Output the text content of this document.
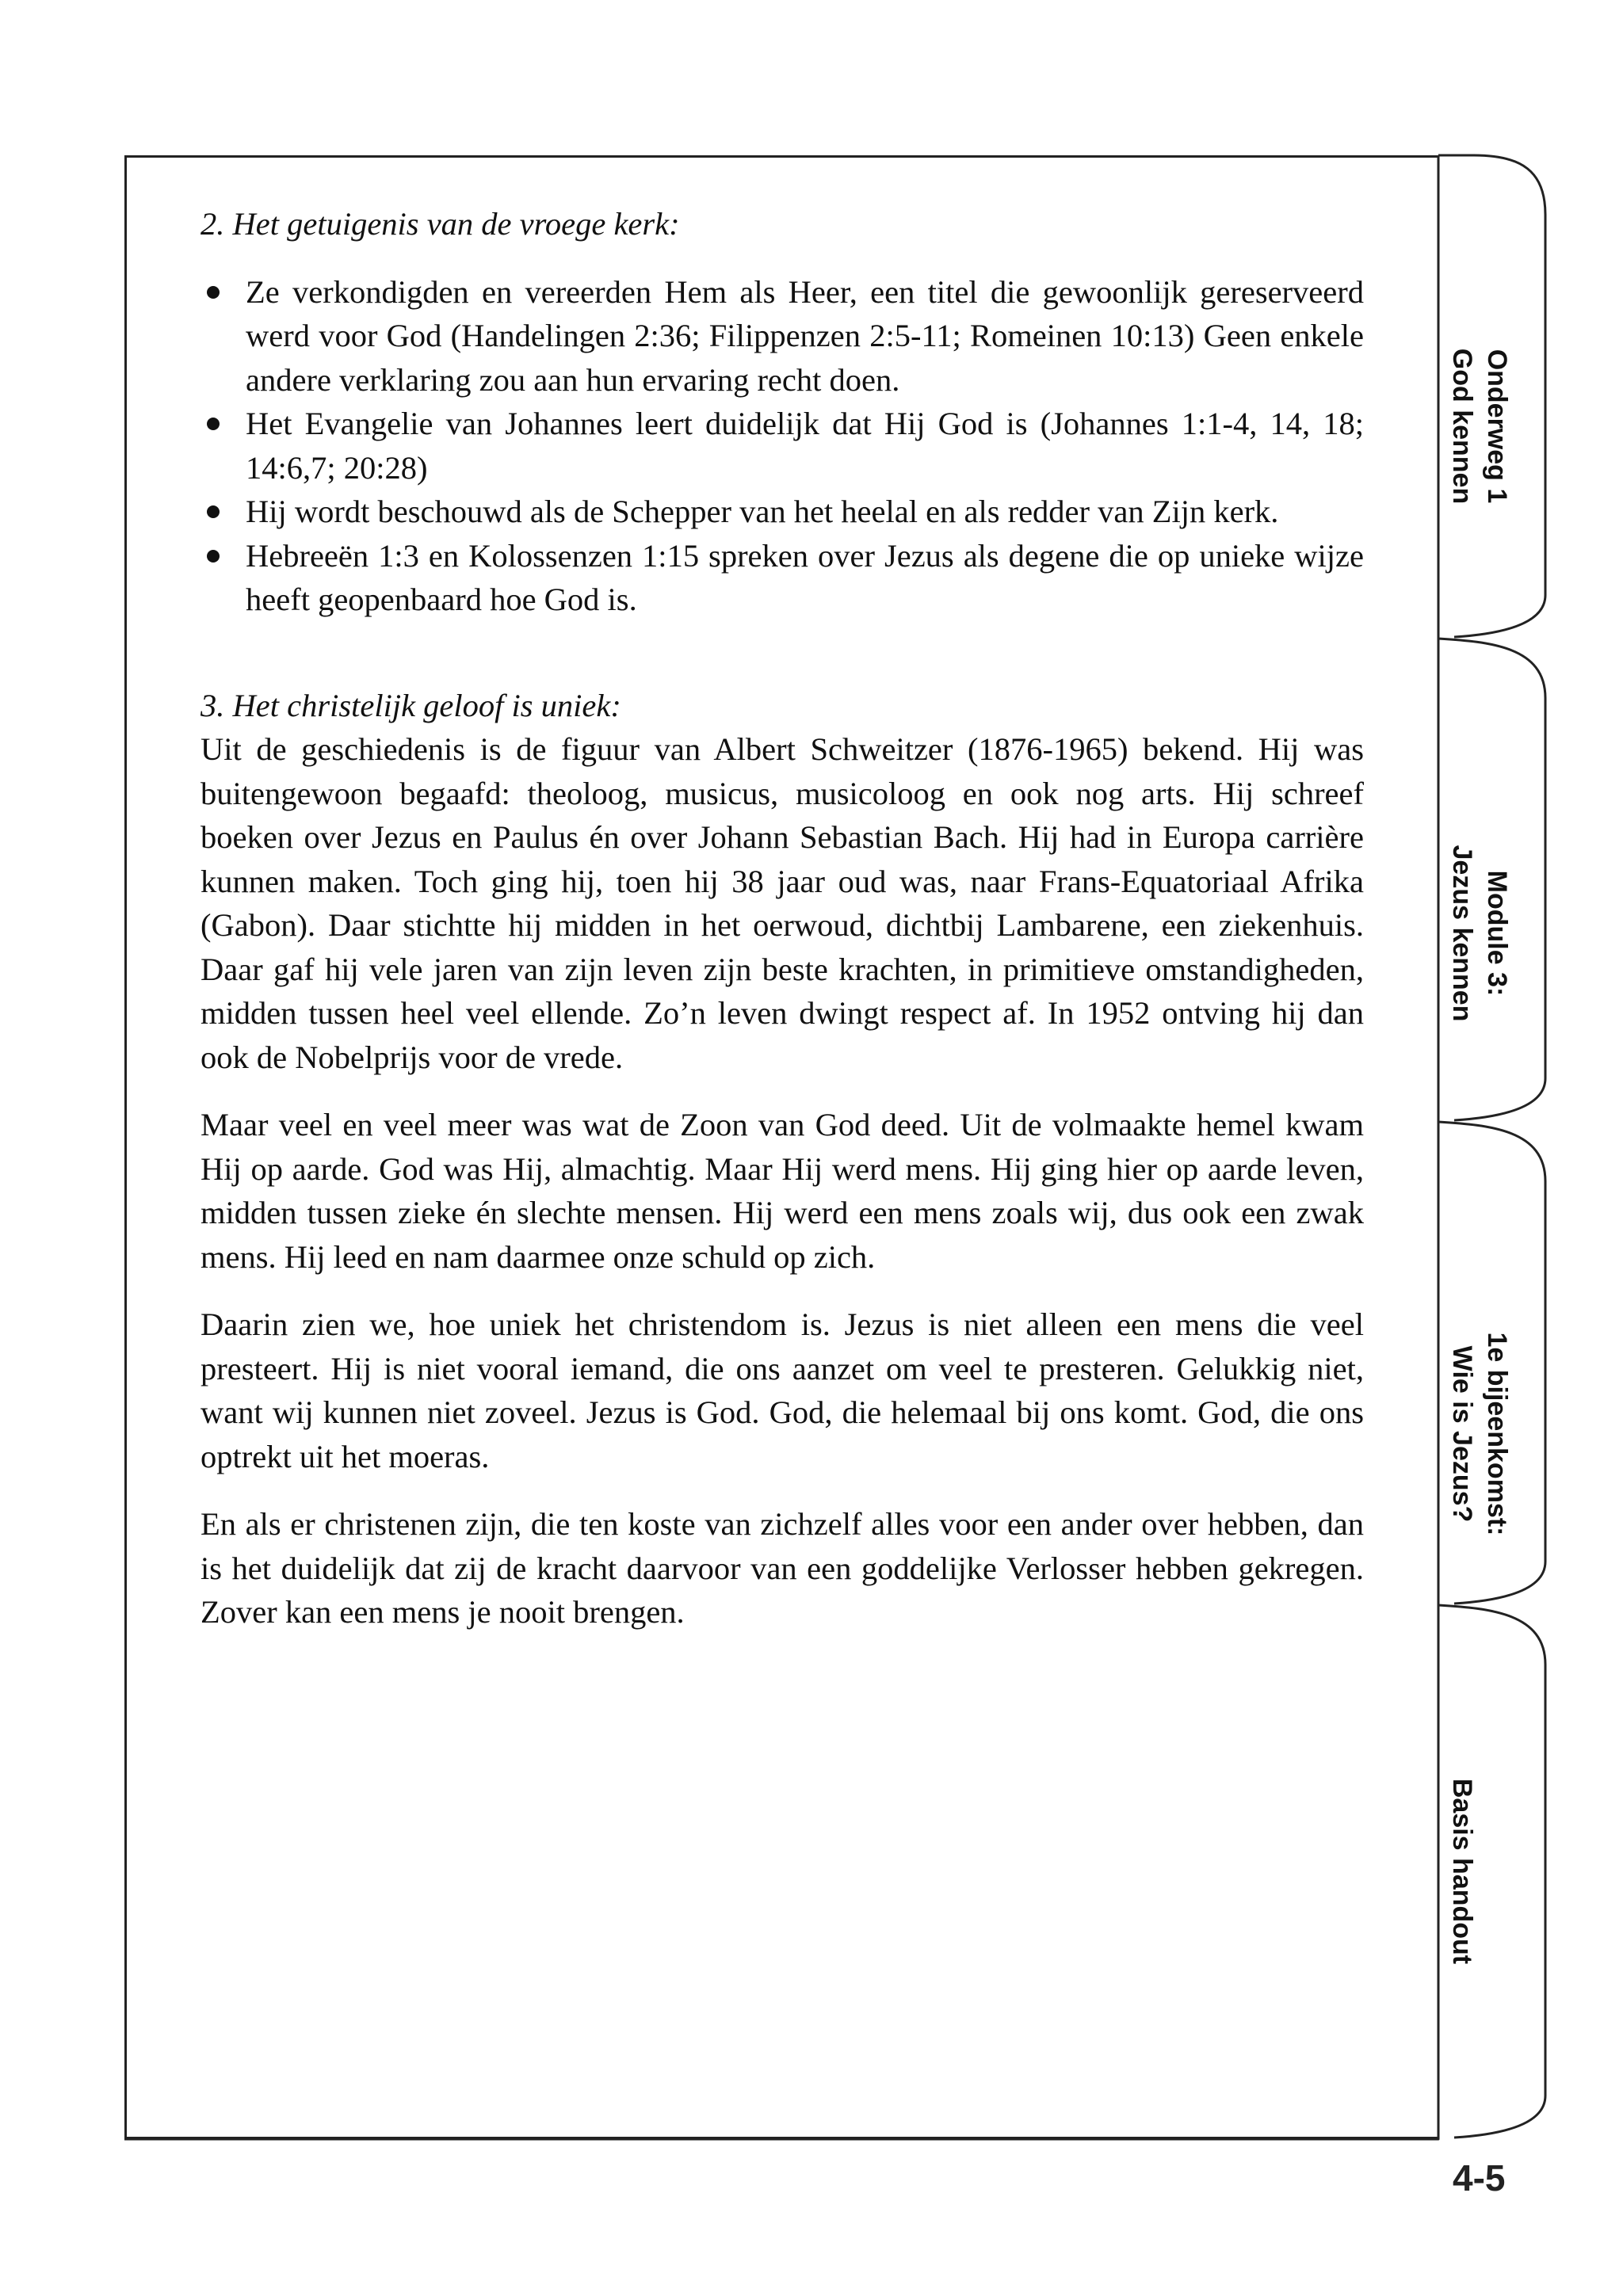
2. Het getuigenis van de vroege kerk:

Ze verkondigden en vereerden Hem als Heer, een titel die gewoonlijk gereserveerd werd voor God (Handelingen 2:36; Filippenzen 2:5-11; Romeinen 10:13) Geen enkele andere verklaring zou aan hun ervaring recht doen.
Het Evangelie van Johannes leert duidelijk dat Hij God is (Johannes 1:1-4, 14, 18; 14:6,7; 20:28)
Hij wordt beschouwd als de Schepper van het heelal en als redder van Zijn kerk.
Hebreeën 1:3 en Kolossenzen 1:15 spreken over Jezus als degene die op unieke wijze heeft geopenbaard hoe God is.

3. Het christelijk geloof is uniek:

Uit de geschiedenis is de figuur van Albert Schweitzer (1876-1965) bekend. Hij was buitengewoon begaafd: theoloog, musicus, musicoloog en ook nog arts. Hij schreef boeken over Jezus en Paulus én over Johann Sebastian Bach. Hij had in Europa carrière kunnen maken. Toch ging hij, toen hij 38 jaar oud was, naar Frans-Equatoriaal Afrika (Gabon). Daar stichtte hij midden in het oerwoud, dichtbij Lambarene, een ziekenhuis. Daar gaf hij vele jaren van zijn leven zijn beste krachten, in primitieve omstandigheden, midden tussen heel veel ellende. Zo’n leven dwingt respect af. In 1952 ontving hij dan ook de Nobelprijs voor de vrede.

Maar veel en veel meer was wat de Zoon van God deed. Uit de volmaakte hemel kwam Hij op aarde. God was Hij, almachtig. Maar Hij werd mens. Hij ging hier op aarde leven, midden tussen zieke én slechte mensen. Hij werd een mens zoals wij, dus ook een zwak mens. Hij leed en nam daarmee onze schuld op zich.

Daarin zien we, hoe uniek het christendom is. Jezus is niet alleen een mens die veel presteert. Hij is niet vooral iemand, die ons aanzet om veel te presteren. Gelukkig niet, want wij kunnen niet zoveel. Jezus is God. God, die helemaal bij ons komt. God, die ons optrekt uit het moeras.

En als er christenen zijn, die ten koste van zichzelf alles voor een ander over hebben, dan is het duidelijk dat zij de kracht daarvoor van een goddelijke Verlosser hebben gekregen. Zover kan een mens je nooit brengen.

Onderweg 1
God kennen
Module 3:
Jezus kennen
1e bijeenkomst:
Wie is Jezus?
Basis handout
4-5
